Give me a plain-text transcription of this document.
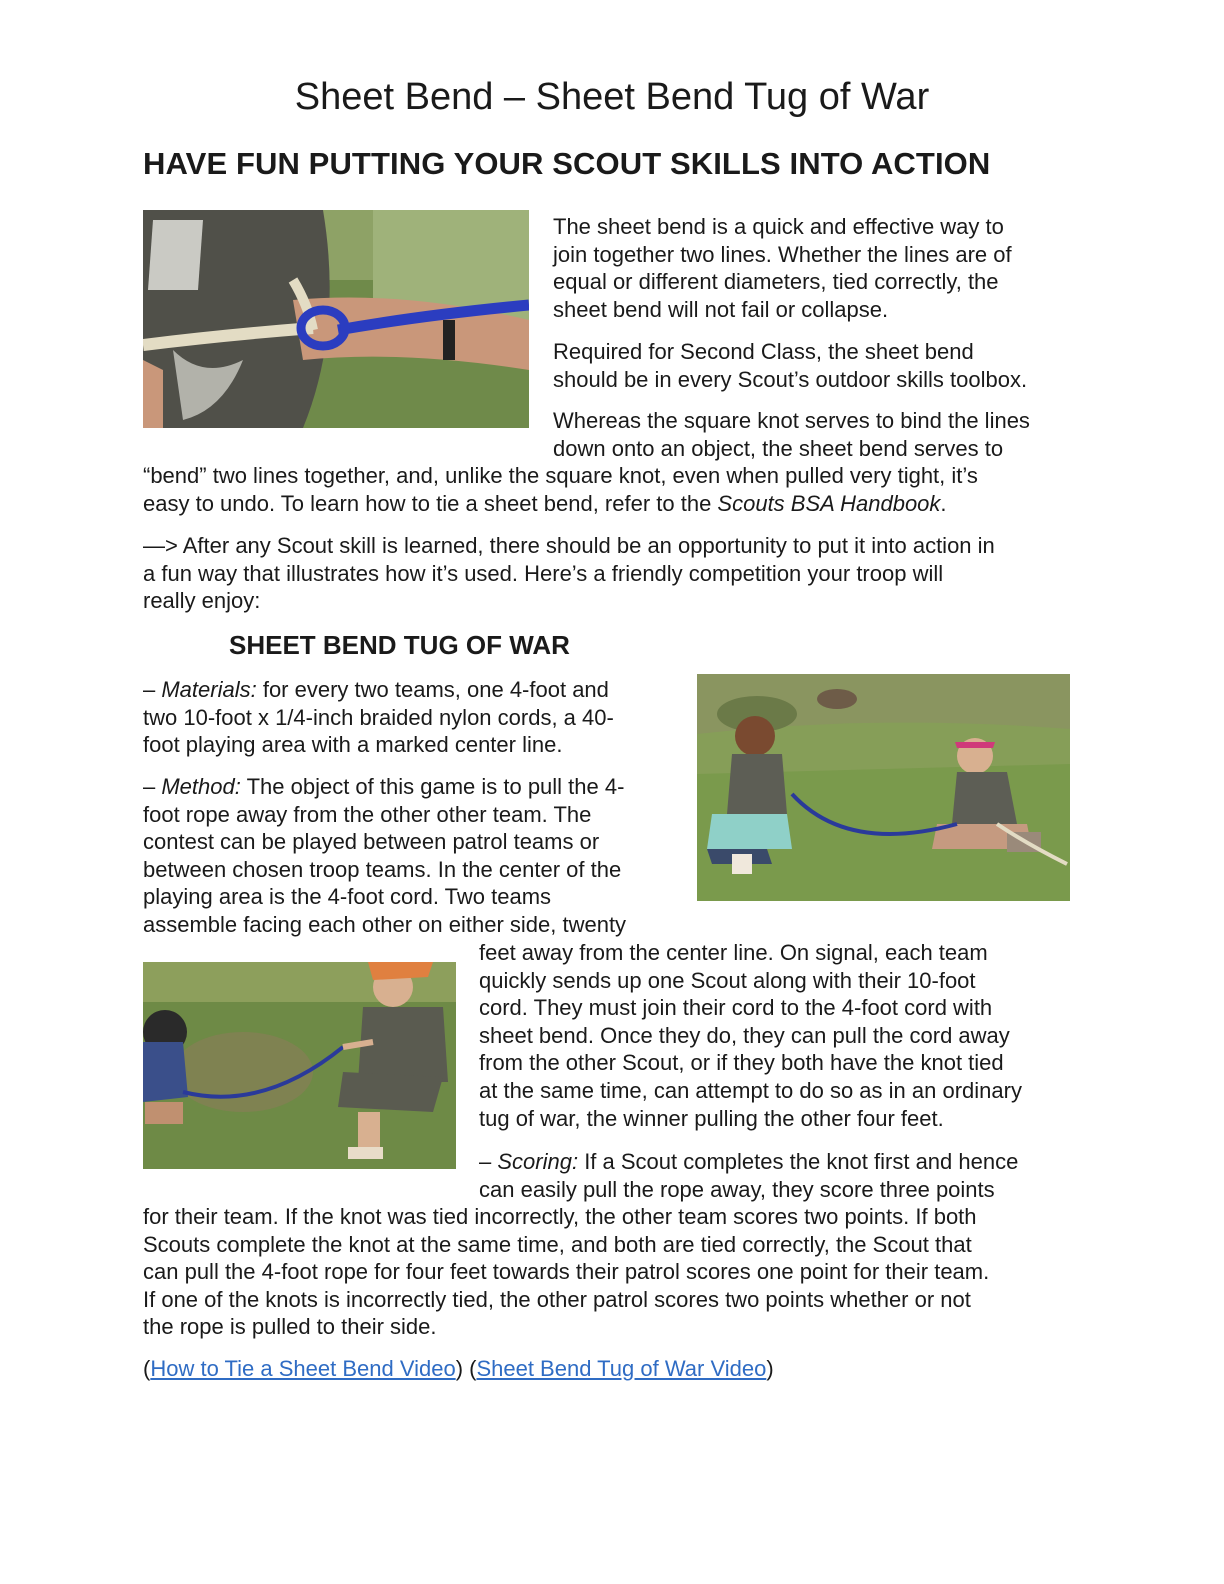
Sheet Bend – Sheet Bend Tug of War
HAVE FUN PUTTING YOUR SCOUT SKILLS INTO ACTION

The sheet bend is a quick and effective way to
join together two lines. Whether the lines are of
equal or different diameters, tied correctly, the
sheet bend will not fail or collapse.

Required for Second Class, the sheet bend
should be in every Scout’s outdoor skills toolbox.

Whereas the square knot serves to bind the lines
down onto an object, the sheet bend serves to

“bend” two lines together, and, unlike the square knot, even when pulled very tight, it’s
easy to undo. To learn how to tie a sheet bend, refer to the Scouts BSA Handbook.

—> After any Scout skill is learned, there should be an opportunity to put it into action in
a fun way that illustrates how it’s used. Here’s a friendly competition your troop will
really enjoy:

SHEET BEND TUG OF WAR

– Materials: for every two teams, one 4-foot and
two 10-foot x 1/4-inch braided nylon cords, a 40-
foot playing area with a marked center line.

– Method: The object of this game is to pull the 4-
foot rope away from the other other team. The
contest can be played between patrol teams or
between chosen troop teams. In the center of the
playing area is the 4-foot cord. Two teams
assemble facing each other on either side, twenty

feet away from the center line. On signal, each team
quickly sends up one Scout along with their 10-foot
cord. They must join their cord to the 4-foot cord with
sheet bend. Once they do, they can pull the cord away
from the other Scout, or if they both have the knot tied
at the same time, can attempt to do so as in an ordinary
tug of war, the winner pulling the other four feet.

– Scoring: If a Scout completes the knot first and hence
can easily pull the rope away, they score three points

for their team. If the knot was tied incorrectly, the other team scores two points. If both
Scouts complete the knot at the same time, and both are tied correctly, the Scout that
can pull the 4-foot rope for four feet towards their patrol scores one point for their team.
If one of the knots is incorrectly tied, the other patrol scores two points whether or not
the rope is pulled to their side.

(How to Tie a Sheet Bend Video) (Sheet Bend Tug of War Video)
